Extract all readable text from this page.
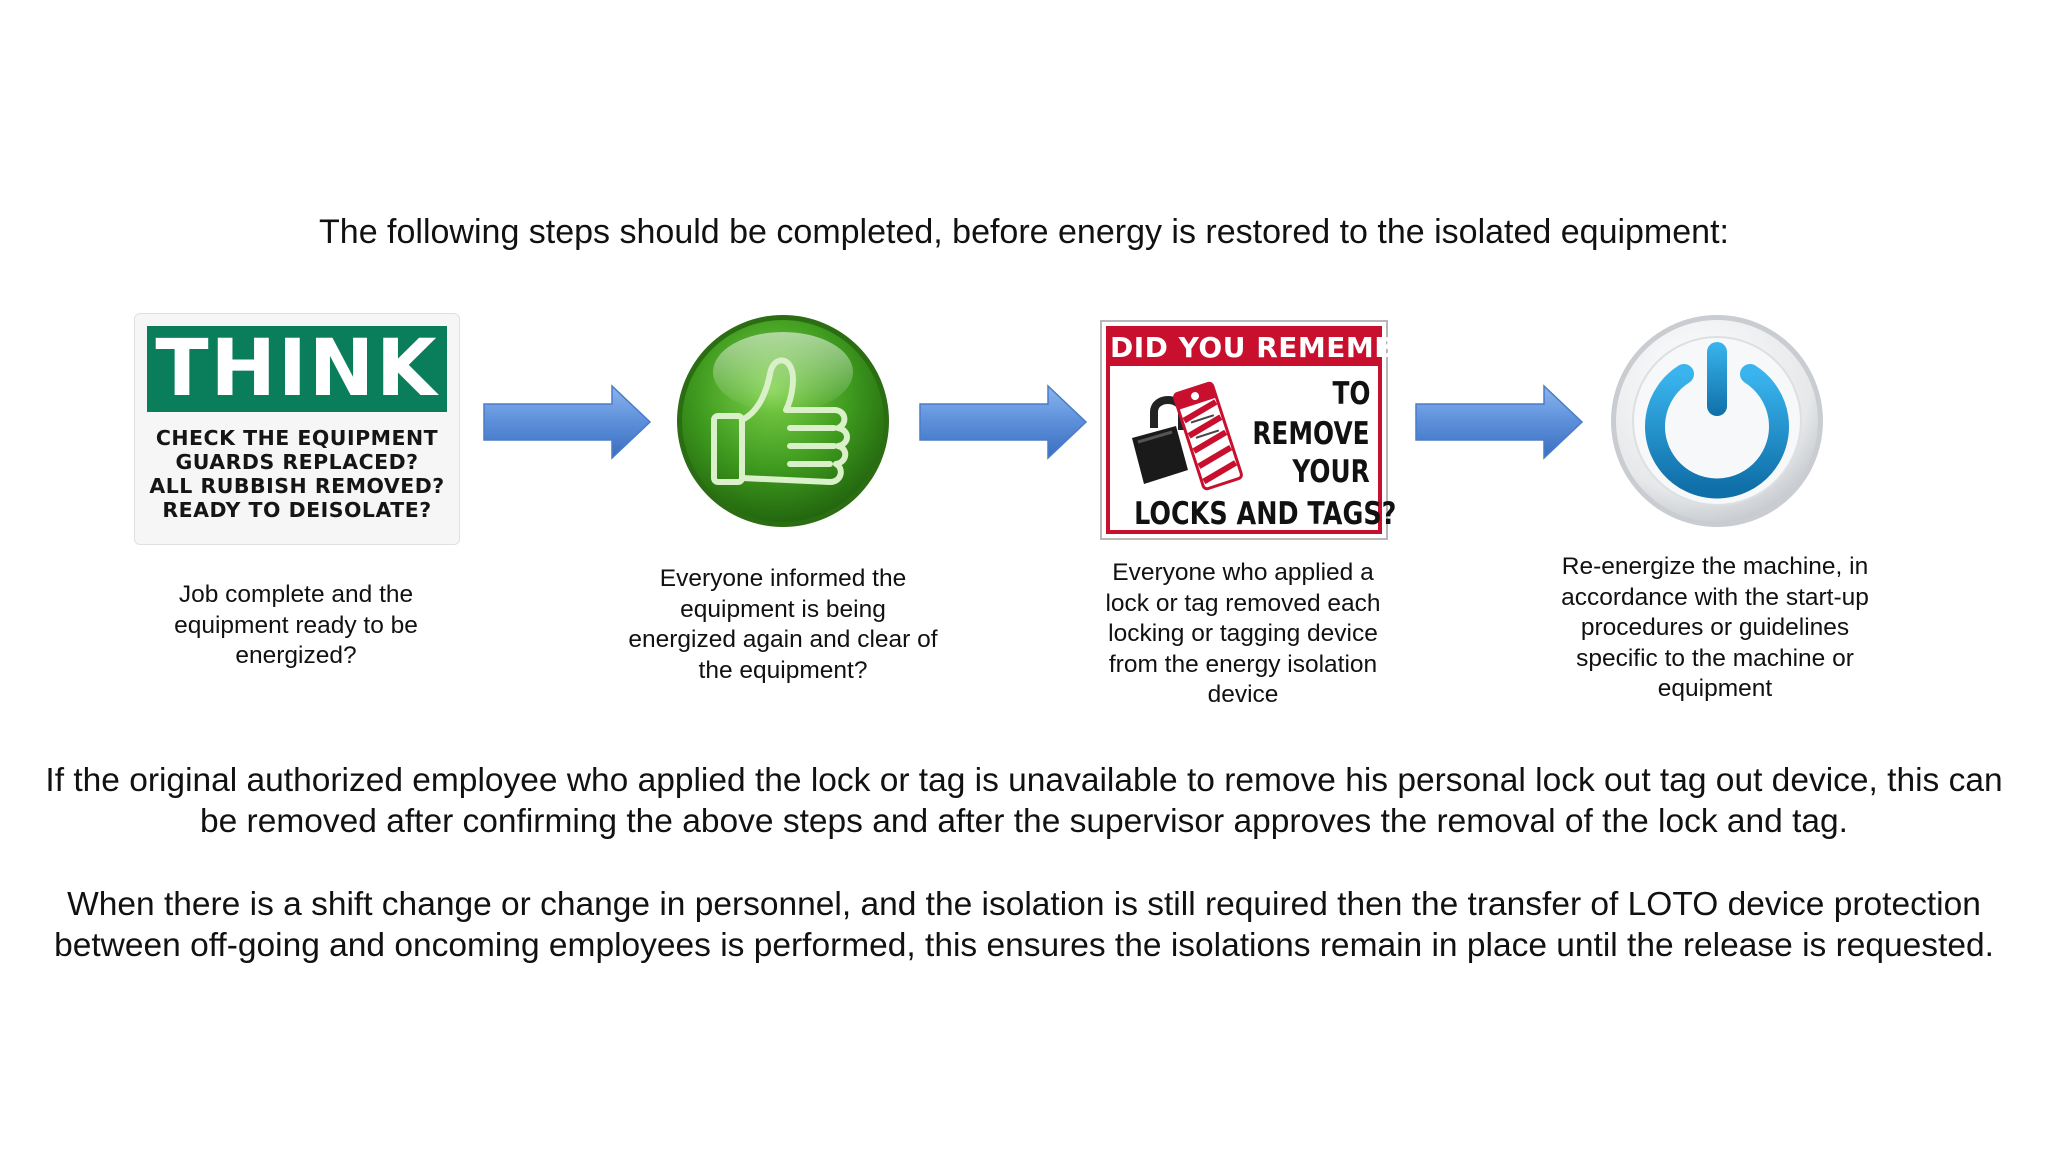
The following steps should be completed, before energy is restored to the isolated equipment:
THINK
CHECK THE EQUIPMENT
GUARDS REPLACED?
ALL RUBBISH REMOVED?
READY TO DEISOLATE?
DID YOU REMEMBER
TO
REMOVE
YOUR
LOCKS AND TAGS?
Job complete and the equipment ready to be energized?
Everyone informed the equipment is being energized again and clear of the equipment?
Everyone who applied a lock or tag removed each locking or tagging device from the energy isolation device
Re-energize the machine, in accordance with the start-up procedures or guidelines specific to the machine or equipment
If the original authorized employee who applied the lock or tag is unavailable to remove his personal lock out tag out device, this can be removed after confirming the above steps and after the supervisor approves the removal of the lock and tag.
When there is a shift change or change in personnel, and the isolation is still required then the transfer of LOTO device protection between off-going and oncoming employees is performed, this ensures the isolations remain in place until the release is requested.
